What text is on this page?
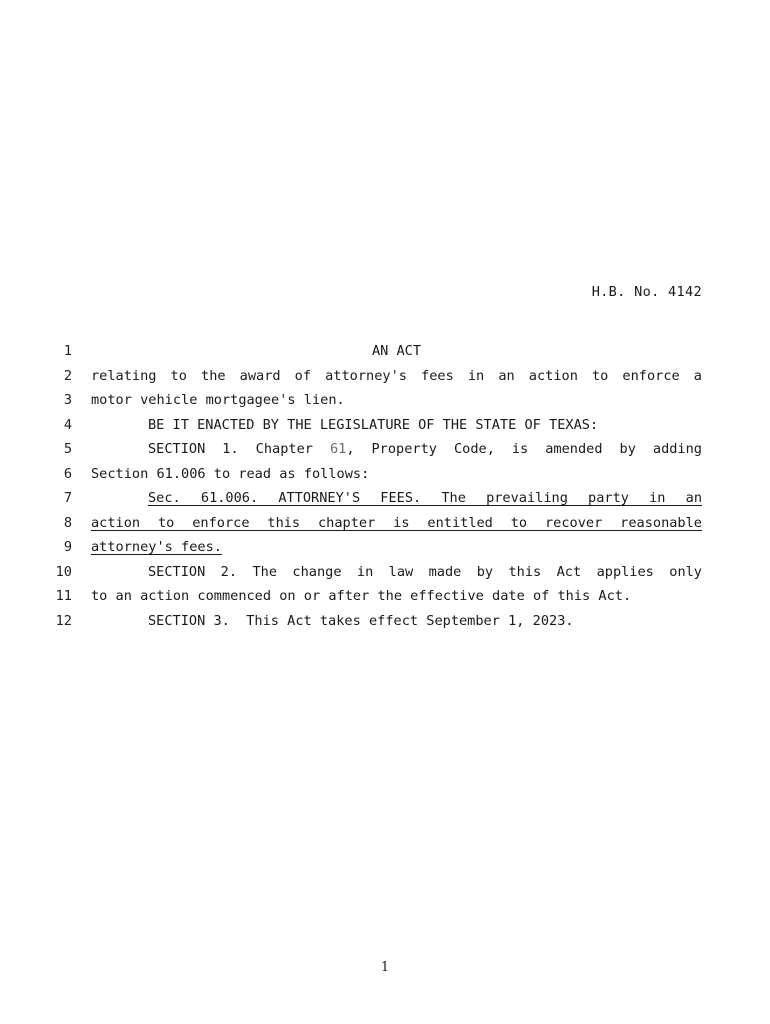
H.B. No. 4142
1	AN ACT
2 relating to the award of attorney's fees in an action to enforce a
3 motor vehicle mortgagee's lien.
4	BE IT ENACTED BY THE LEGISLATURE OF THE STATE OF TEXAS:
5	SECTION 1. Chapter 61, Property Code, is amended by adding
6 Section 61.006 to read as follows:
7	Sec. 61.006. ATTORNEY'S FEES. The prevailing party in an
8 action to enforce this chapter is entitled to recover reasonable
9 attorney's fees.
10	SECTION 2. The change in law made by this Act applies only
11 to an action commenced on or after the effective date of this Act.
12	SECTION 3.  This Act takes effect September 1, 2023.
1
